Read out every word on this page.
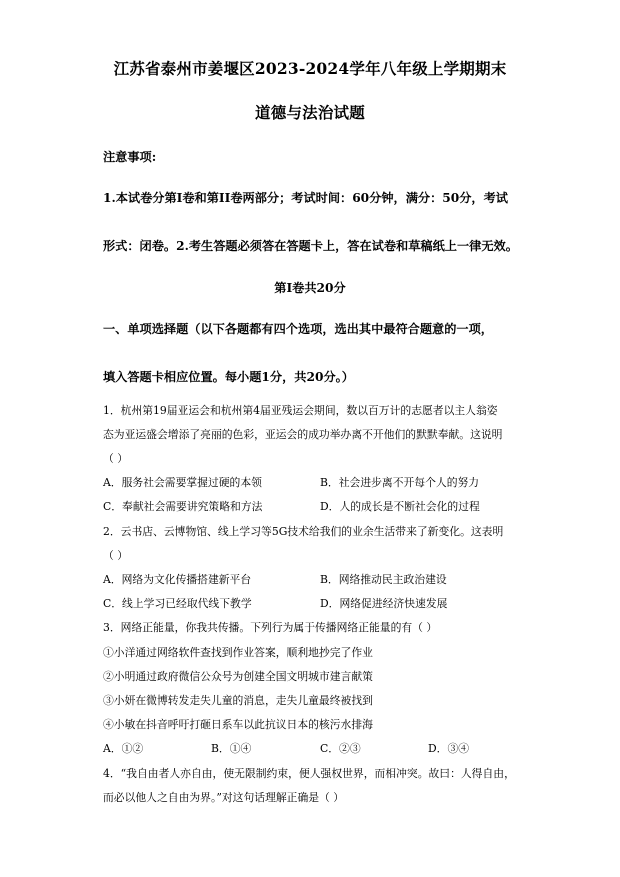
江苏省泰州市姜堰区2023-2024学年八年级上学期期末
道德与法治试题
注意事项:
1.本试卷分第I卷和第II卷两部分；考试时间：60分钟，满分：50分，考试
形式：闭卷。2.考生答题必须答在答题卡上，答在试卷和草稿纸上一律无效。
第I卷共20分
一、单项选择题（以下各题都有四个选项，选出其中最符合题意的一项，
填入答题卡相应位置。每小题1分，共20分。）
1．杭州第19届亚运会和杭州第4届亚残运会期间，数以百万计的志愿者以主人翁姿
态为亚运盛会增添了亮丽的色彩，亚运会的成功举办离不开他们的默默奉献。这说明
（ ）
A．服务社会需要掌握过硬的本领	B．社会进步离不开每个人的努力
C．奉献社会需要讲究策略和方法	D．人的成长是不断社会化的过程
2．云书店、云博物馆、线上学习等5G技术给我们的业余生活带来了新变化。这表明
（ ）
A．网络为文化传播搭建新平台	B．网络推动民主政治建设
C．线上学习已经取代线下教学	D．网络促进经济快速发展
3．网络正能量，你我共传播。下列行为属于传播网络正能量的有（ ）
①小洋通过网络软件查找到作业答案，顺利地抄完了作业
②小明通过政府微信公众号为创建全国文明城市建言献策
③小妍在微博转发走失儿童的消息，走失儿童最终被找到
④小敏在抖音呼吁打砸日系车以此抗议日本的核污水排海
A．①②	B．①④	C．②③	D．③④
4．“我自由者人亦自由，使无限制约束，便人强权世界，而相冲突。故曰：人得自由，
而必以他人之自由为界。”对这句话理解正确是（ ）
